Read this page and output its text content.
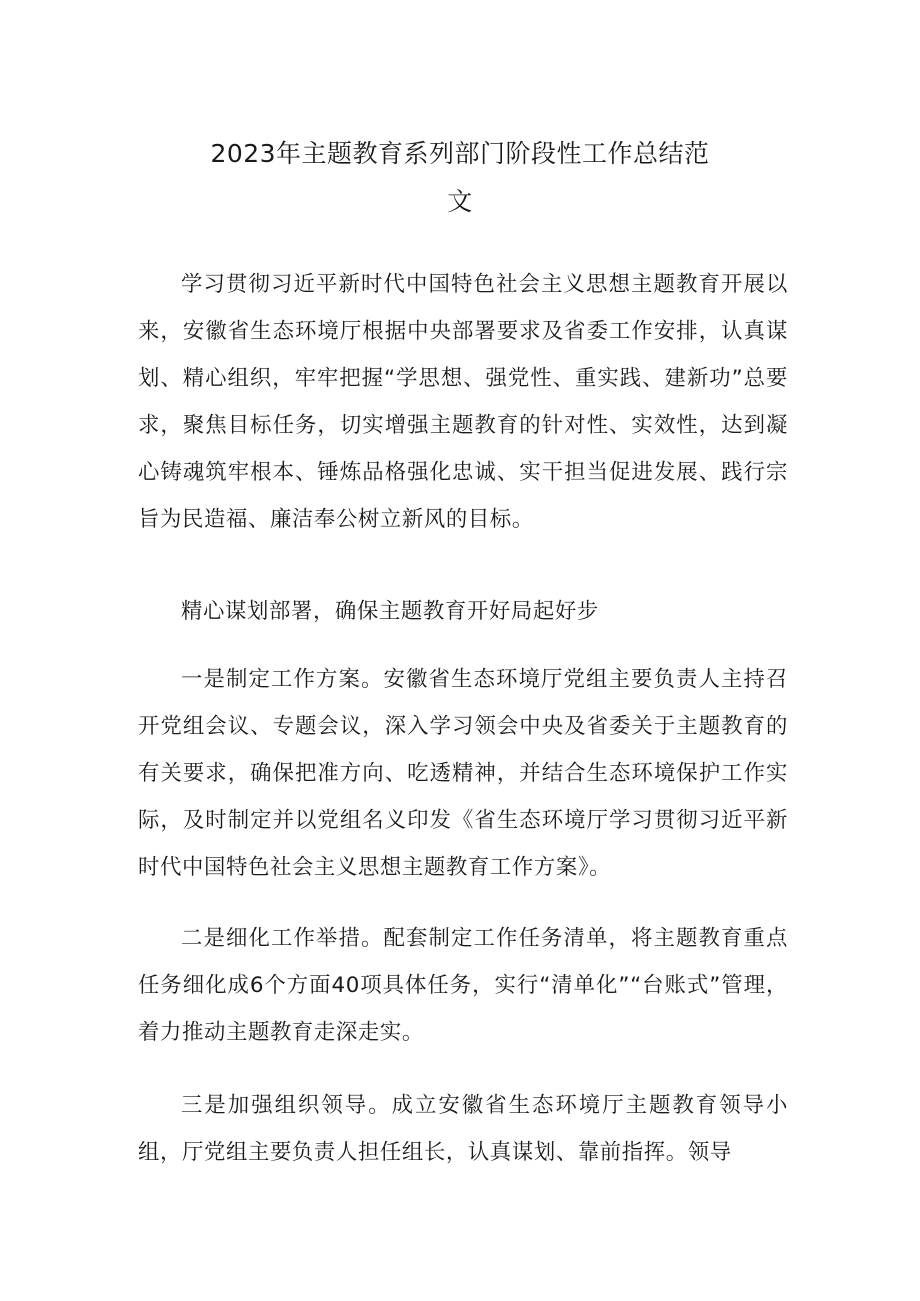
2023年主题教育系列部门阶段性工作总结范
文

学习贯彻习近平新时代中国特色社会主义思想主题教育开展以来，安徽省生态环境厅根据中央部署要求及省委工作安排，认真谋划、精心组织，牢牢把握“学思想、强党性、重实践、建新功”总要求，聚焦目标任务，切实增强主题教育的针对性、实效性，达到凝心铸魂筑牢根本、锤炼品格强化忠诚、实干担当促进发展、践行宗旨为民造福、廉洁奉公树立新风的目标。

精心谋划部署，确保主题教育开好局起好步

一是制定工作方案。安徽省生态环境厅党组主要负责人主持召开党组会议、专题会议，深入学习领会中央及省委关于主题教育的有关要求，确保把准方向、吃透精神，并结合生态环境保护工作实际，及时制定并以党组名义印发《省生态环境厅学习贯彻习近平新时代中国特色社会主义思想主题教育工作方案》。

二是细化工作举措。配套制定工作任务清单，将主题教育重点任务细化成6个方面40项具体任务，实行“清单化”“台账式”管理，着力推动主题教育走深走实。

三是加强组织领导。成立安徽省生态环境厅主题教育领导小组，厅党组主要负责人担任组长，认真谋划、靠前指挥。领导
